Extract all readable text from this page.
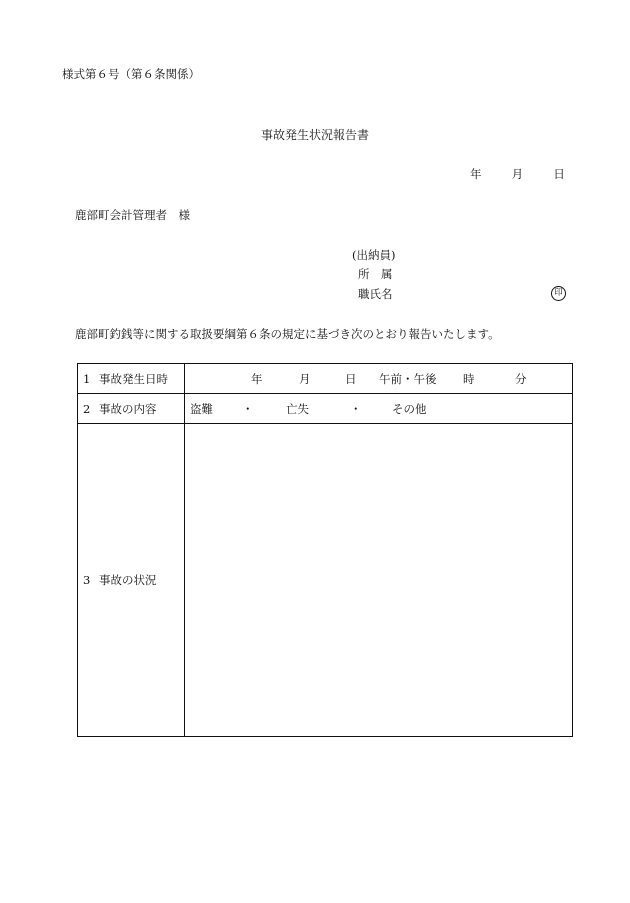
様式第６号（第６条関係）
事故発生状況報告書
年	月	日
鹿部町会計管理者　様
(出納員)
所　属
職氏名	印
鹿部町釣銭等に関する取扱要綱第６条の規定に基づき次のとおり報告いたします。
1 事故発生日時	年 月 日 午前・午後 時 分
2 事故の内容	盗難 ・ 亡失 ・ その他
3 事故の状況	
